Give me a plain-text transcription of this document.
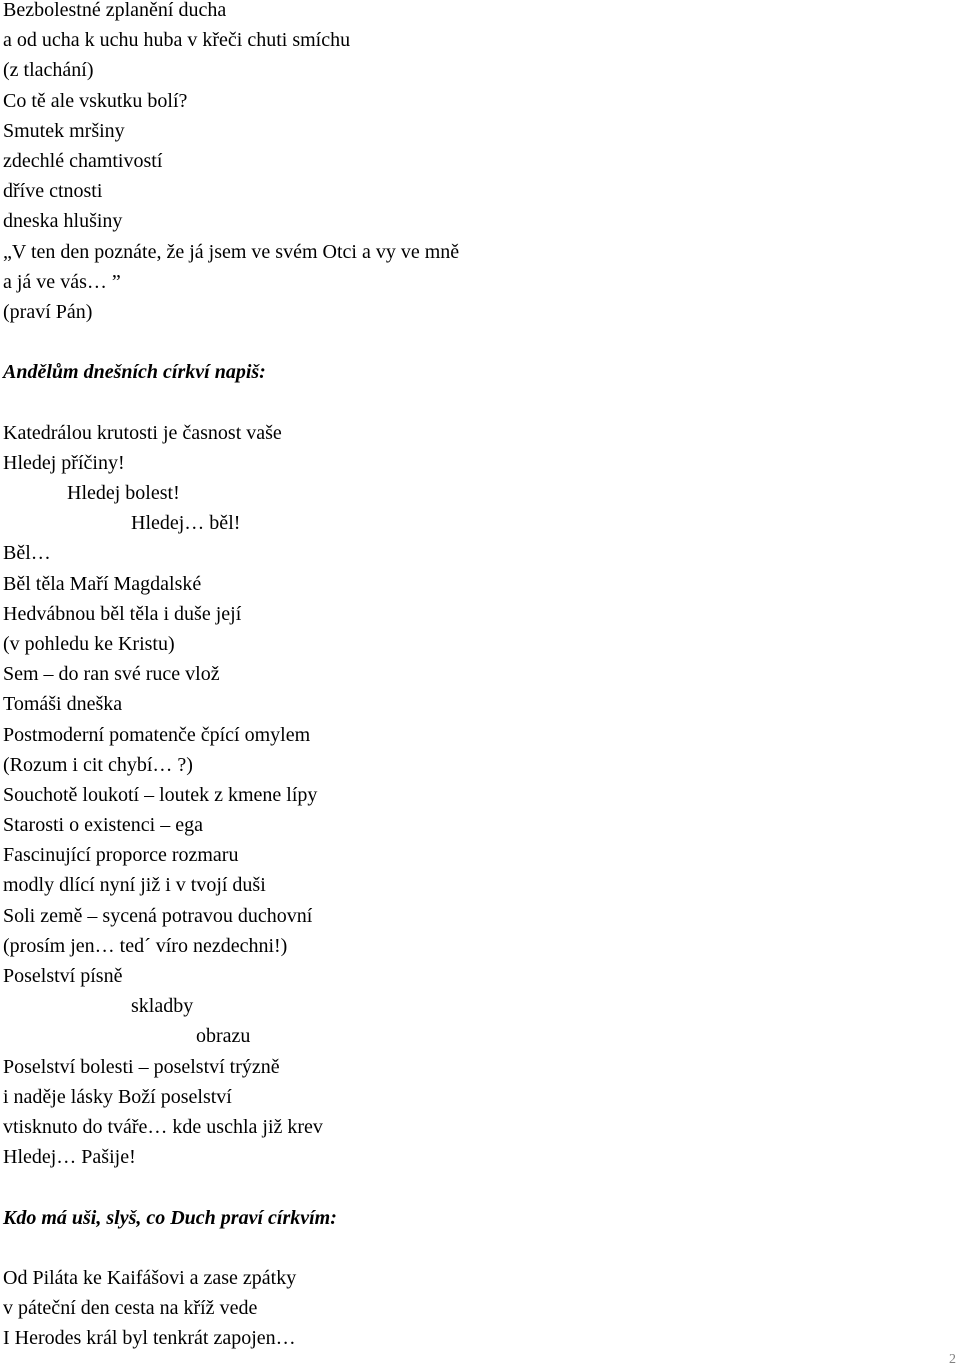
Bezbolestné zplanění ducha
a od ucha k uchu huba v křeči chuti smíchu
(z tlachání)
Co tě ale vskutku bolí?
Smutek mršiny
zdechlé chamtivostí
dříve ctnosti
dneska hlušiny
„V ten den poznáte, že já jsem ve svém Otci a vy ve mně
a já ve vás… ”
(praví Pán)
Andělům dnešních církví napiš:
Katedrálou krutosti je časnost vaše
Hledej příčiny!
Hledej bolest!
Hledej… běl!
Běl…
Běl těla Maří Magdalské
Hedvábnou běl těla i duše její
(v pohledu ke Kristu)
Sem – do ran své ruce vlož
Tomáši dneška
Postmoderní pomatenče čpící omylem
(Rozum i cit chybí… ?)
Souchotě loukotí – loutek z kmene lípy
Starosti o existenci – ega
Fascinující proporce rozmaru
modly dlící nyní již i v tvojí duši
Soli země – sycená potravou duchovní
(prosím jen… ted´ víro nezdechni!)
Poselství písně
skladby
obrazu
Poselství bolesti – poselství trýzně
i naděje lásky Boží poselství
vtisknuto do tváře… kde uschla již krev
Hledej… Pašije!
Kdo má uši, slyš, co Duch praví církvím:
Od Piláta ke Kaifášovi a zase zpátky
v páteční den cesta na kříž vede
I Herodes král byl tenkrát zapojen…
2
